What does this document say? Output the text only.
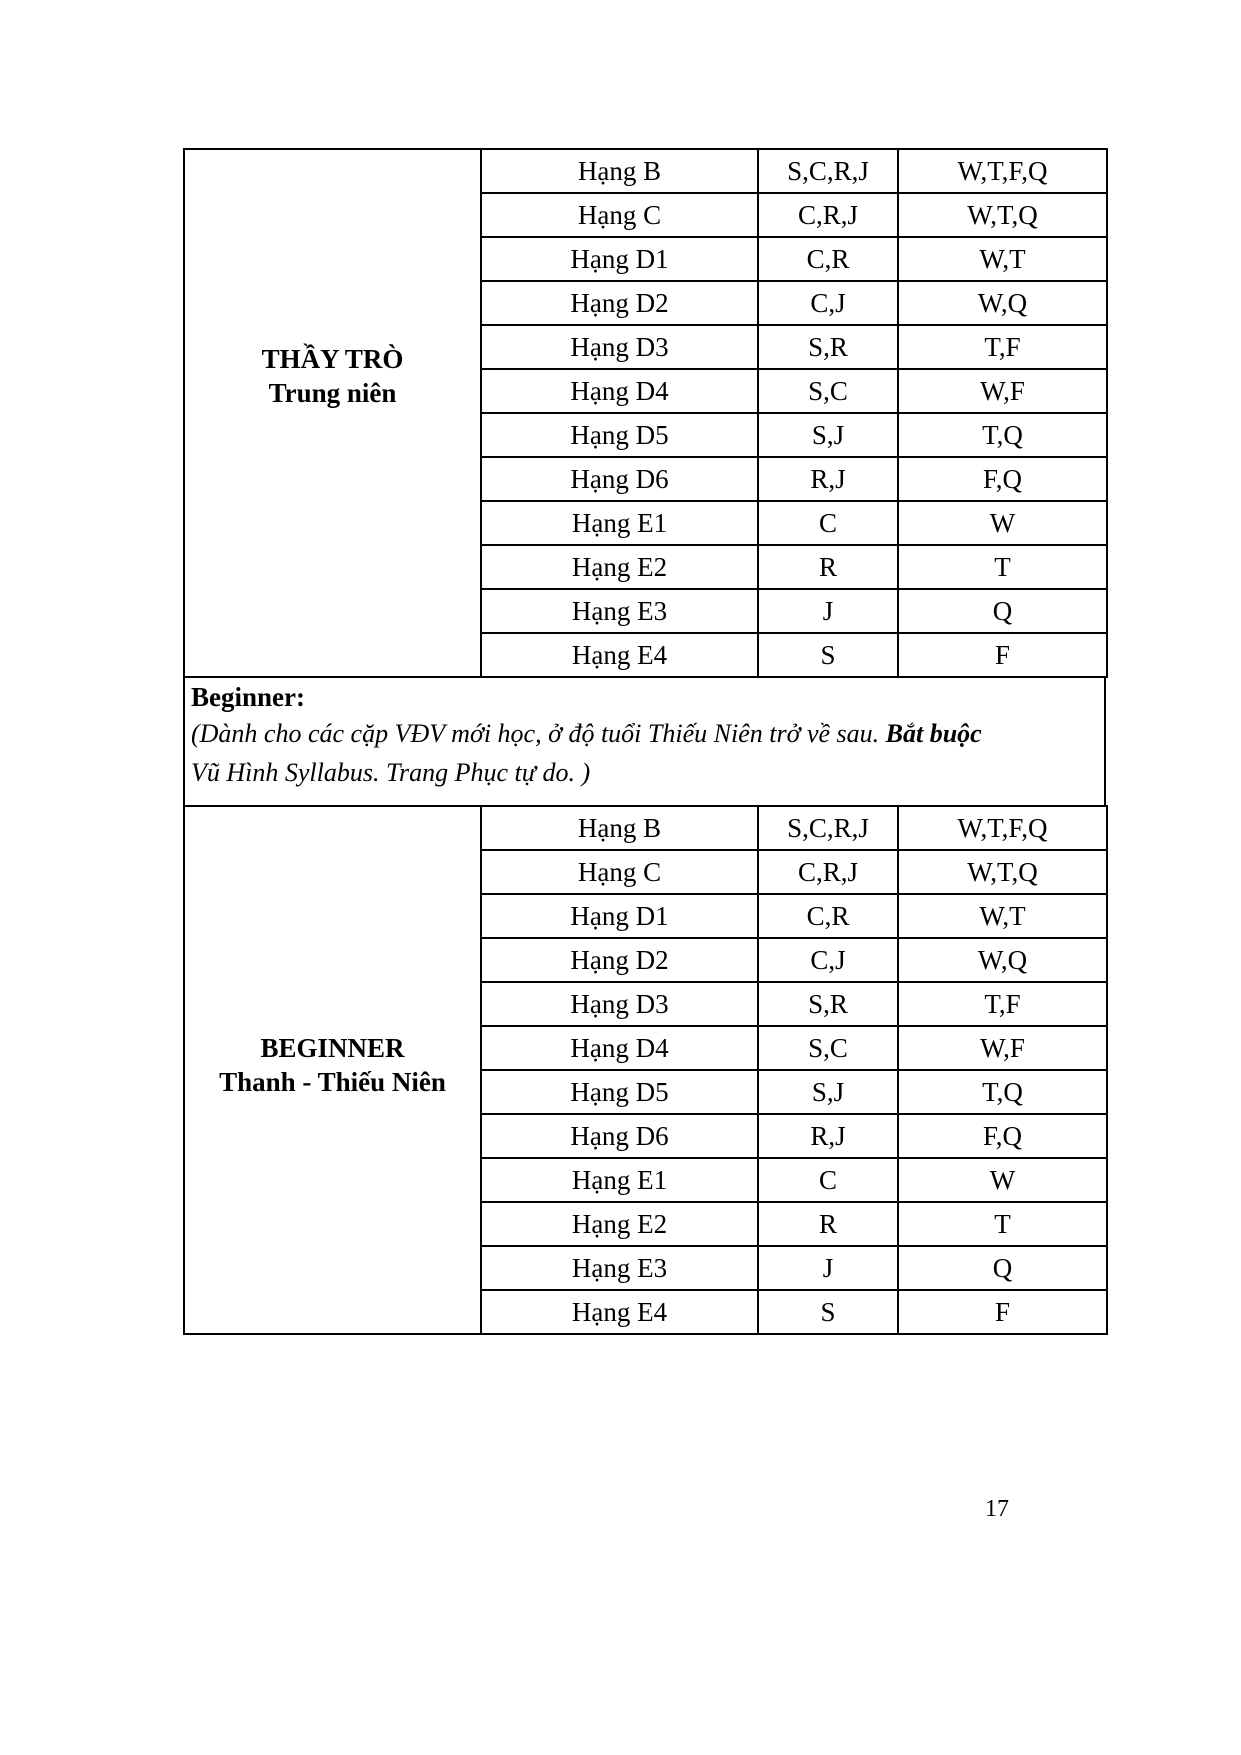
THẦY TRÒ
Trung niên	Hạng B	S,C,R,J	W,T,F,Q
	Hạng C	C,R,J	W,T,Q
	Hạng D1	C,R	W,T
	Hạng D2	C,J	W,Q
	Hạng D3	S,R	T,F
	Hạng D4	S,C	W,F
	Hạng D5	S,J	T,Q
	Hạng D6	R,J	F,Q
	Hạng E1	C	W
	Hạng E2	R	T
	Hạng E3	J	Q
	Hạng E4	S	F
Beginner:
(Dành cho các cặp VĐV mới học, ở độ tuổi Thiếu Niên trở về sau. Bắt buộc
Vũ Hình Syllabus. Trang Phục tự do. )
BEGINNER
Thanh - Thiếu Niên	Hạng B	S,C,R,J	W,T,F,Q
	Hạng C	C,R,J	W,T,Q
	Hạng D1	C,R	W,T
	Hạng D2	C,J	W,Q
	Hạng D3	S,R	T,F
	Hạng D4	S,C	W,F
	Hạng D5	S,J	T,Q
	Hạng D6	R,J	F,Q
	Hạng E1	C	W
	Hạng E2	R	T
	Hạng E3	J	Q
	Hạng E4	S	F
17
